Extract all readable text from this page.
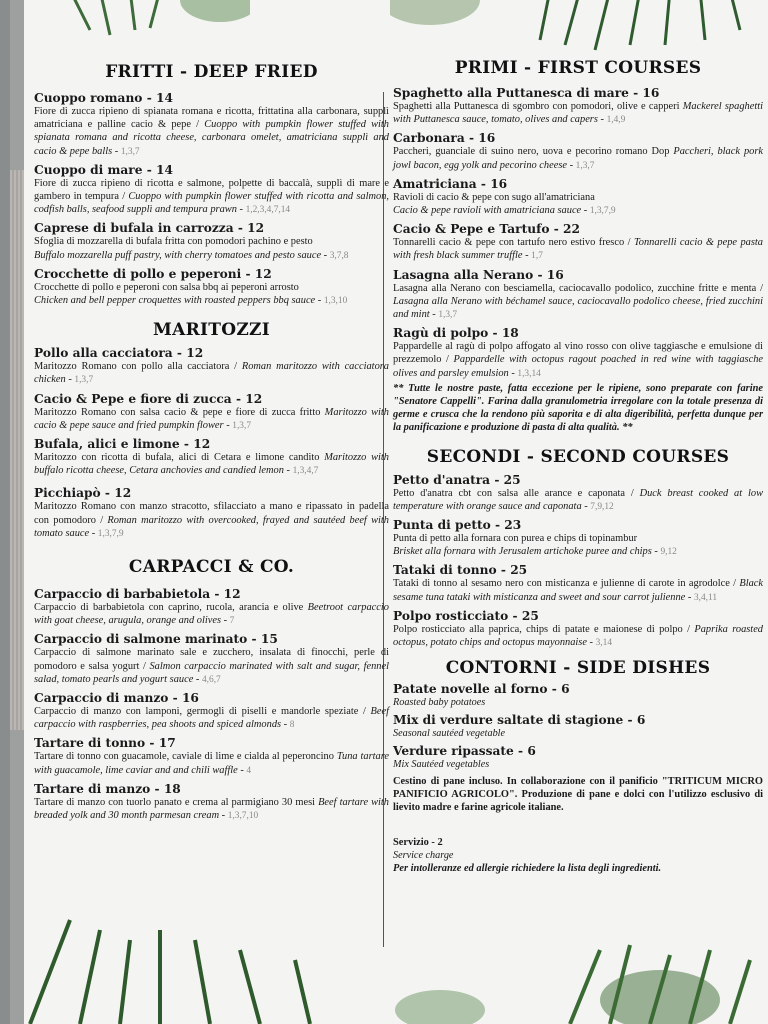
FRITTI - DEEP FRIED
Cuoppo romano - 14
Fiore di zucca ripieno di spianata romana e ricotta, frittatina alla carbonara, supplì amatriciana e palline cacio & pepe / Cuoppo with pumpkin flower stuffed with spianata romana and ricotta cheese, carbonara omelet, amatriciana supplì and cacio & pepe balls - 1,3,7
Cuoppo di mare - 14
Fiore di zucca ripieno di ricotta e salmone, polpette di baccalà, supplì di mare e gambero in tempura / Cuoppo with pumpkin flower stuffed with ricotta and salmon, codfish balls, seafood supplì and tempura prawn - 1,2,3,4,7,14
Caprese di bufala in carrozza - 12
Sfoglia di mozzarella di bufala fritta con pomodori pachino e pesto
Buffalo mozzarella puff pastry, with cherry tomatoes and pesto sauce - 3,7,8
Crocchette di pollo e peperoni - 12
Crocchette di pollo e peperoni con salsa bbq ai peperoni arrosto
Chicken and bell pepper croquettes with roasted peppers bbq sauce - 1,3,10
MARITOZZI
Pollo alla cacciatora - 12
Maritozzo Romano con pollo alla cacciatora / Roman maritozzo with cacciatora chicken - 1,3,7
Cacio & Pepe e fiore di zucca - 12
Maritozzo Romano con salsa cacio & pepe e fiore di zucca fritto Maritozzo with cacio & pepe sauce and fried pumpkin flower - 1,3,7
Bufala, alici e limone - 12
Maritozzo con ricotta di bufala, alici di Cetara e limone candito Maritozzo with buffalo ricotta cheese, Cetara anchovies and candied lemon - 1,3,4,7
Picchiapò - 12
Maritozzo Romano con manzo stracotto, sfilacciato a mano e ripassato in padella con pomodoro / Roman maritozzo with overcooked, frayed and sautéed beef with tomato sauce - 1,3,7,9
CARPACCI & CO.
Carpaccio di barbabietola - 12
Carpaccio di barbabietola con caprino, rucola, arancia e olive Beetroot carpaccio with goat cheese, arugula, orange and olives - 7
Carpaccio di salmone marinato - 15
Carpaccio di salmone marinato sale e zucchero, insalata di finocchi, perle di pomodoro e salsa yogurt / Salmon carpaccio marinated with salt and sugar, fennel salad, tomato pearls and yogurt sauce - 4,6,7
Carpaccio di manzo - 16
Carpaccio di manzo con lamponi, germogli di piselli e mandorle speziate / Beef carpaccio with raspberries, pea shoots and spiced almonds - 8
Tartare di tonno - 17
Tartare di tonno con guacamole, caviale di lime e cialda al peperoncino Tuna tartare with guacamole, lime caviar and and chili waffle - 4
Tartare di manzo - 18
Tartare di manzo con tuorlo panato e crema al parmigiano 30 mesi Beef tartare with breaded yolk and 30 month parmesan cream - 1,3,7,10
PRIMI - FIRST COURSES
Spaghetto alla Puttanesca di mare - 16
Spaghetti alla Puttanesca di sgombro con pomodori, olive e capperi Mackerel spaghetti with Puttanesca sauce, tomato, olives and capers - 1,4,9
Carbonara - 16
Paccheri, guanciale di suino nero, uova e pecorino romano Dop Paccheri, black pork jowl bacon, egg yolk and pecorino cheese - 1,3,7
Amatriciana - 16
Ravioli di cacio & pepe con sugo all'amatriciana
Cacio & pepe ravioli with amatriciana sauce - 1,3,7,9
Cacio & Pepe e Tartufo - 22
Tonnarelli cacio & pepe con tartufo nero estivo fresco / Tonnarelli cacio & pepe pasta with fresh black summer truffle - 1,7
Lasagna alla Nerano - 16
Lasagna alla Nerano con besciamella, caciocavallo podolico, zucchine fritte e menta / Lasagna alla Nerano with béchamel sauce, caciocavallo podolico cheese, fried zucchini and mint - 1,3,7
Ragù di polpo - 18
Pappardelle al ragù di polpo affogato al vino rosso con olive taggiasche e emulsione di prezzemolo / Pappardelle with octopus ragout poached in red wine with taggiasche olives and parsley emulsion - 1,3,14
** Tutte le nostre paste, fatta eccezione per le ripiene, sono preparate con farine "Senatore Cappelli". Farina dalla granulometria irregolare con la totale presenza di germe e crusca che la rendono più saporita e di alta digeribilità, perfetta dunque per la panificazione e produzione di pasta di alta qualità. **
SECONDI - SECOND COURSES
Petto d'anatra - 25
Petto d'anatra cbt con salsa alle arance e caponata / Duck breast cooked at low temperature with orange sauce and caponata - 7,9,12
Punta di petto - 23
Punta di petto alla fornara con purea e chips di topinambur
Brisket alla fornara with Jerusalem artichoke puree and chips - 9,12
Tataki di tonno - 25
Tataki di tonno al sesamo nero con misticanza e julienne di carote in agrodolce / Black sesame tuna tataki with misticanza and sweet and sour carrot julienne - 3,4,11
Polpo rosticciato - 25
Polpo rosticciato alla paprica, chips di patate e maionese di polpo / Paprika roasted octopus, potato chips and octopus mayonnaise - 3,14
CONTORNI - SIDE DISHES
Patate novelle al forno - 6
Roasted baby potatoes
Mix di verdure saltate di stagione - 6
Seasonal sautéed vegetable
Verdure ripassate - 6
Mix Sautéed vegetables
Cestino di pane incluso. In collaborazione con il panificio "TRITICUM MICRO PANIFICIO AGRICOLO". Produzione di pane e dolci con l'utilizzo esclusivo di lievito madre e farine agricole italiane.
Servizio - 2
Service charge
Per intolleranze ed allergie richiedere la lista degli ingredienti.
